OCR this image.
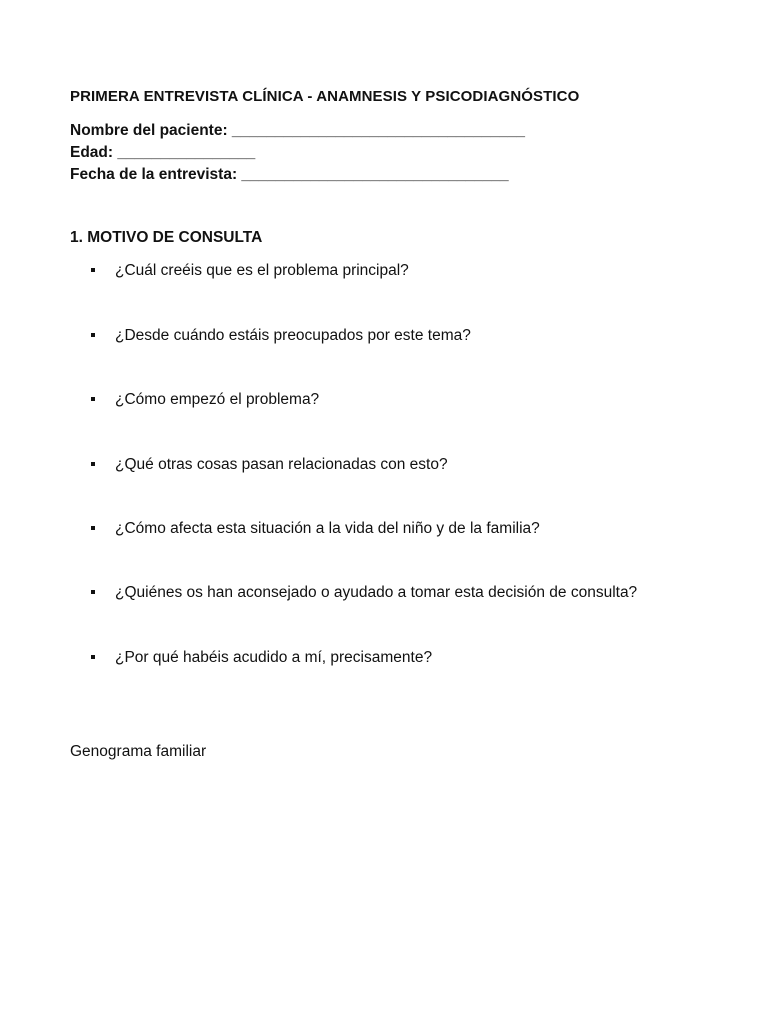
PRIMERA ENTREVISTA CLÍNICA - ANAMNESIS Y PSICODIAGNÓSTICO
Nombre del paciente: __________________________________
Edad: ________________
Fecha de la entrevista: _______________________________
1. MOTIVO DE CONSULTA
¿Cuál creéis que es el problema principal?
¿Desde cuándo estáis preocupados por este tema?
¿Cómo empezó el problema?
¿Qué otras cosas pasan relacionadas con esto?
¿Cómo afecta esta situación a la vida del niño y de la familia?
¿Quiénes os han aconsejado o ayudado a tomar esta decisión de consulta?
¿Por qué habéis acudido a mí, precisamente?
Genograma familiar
